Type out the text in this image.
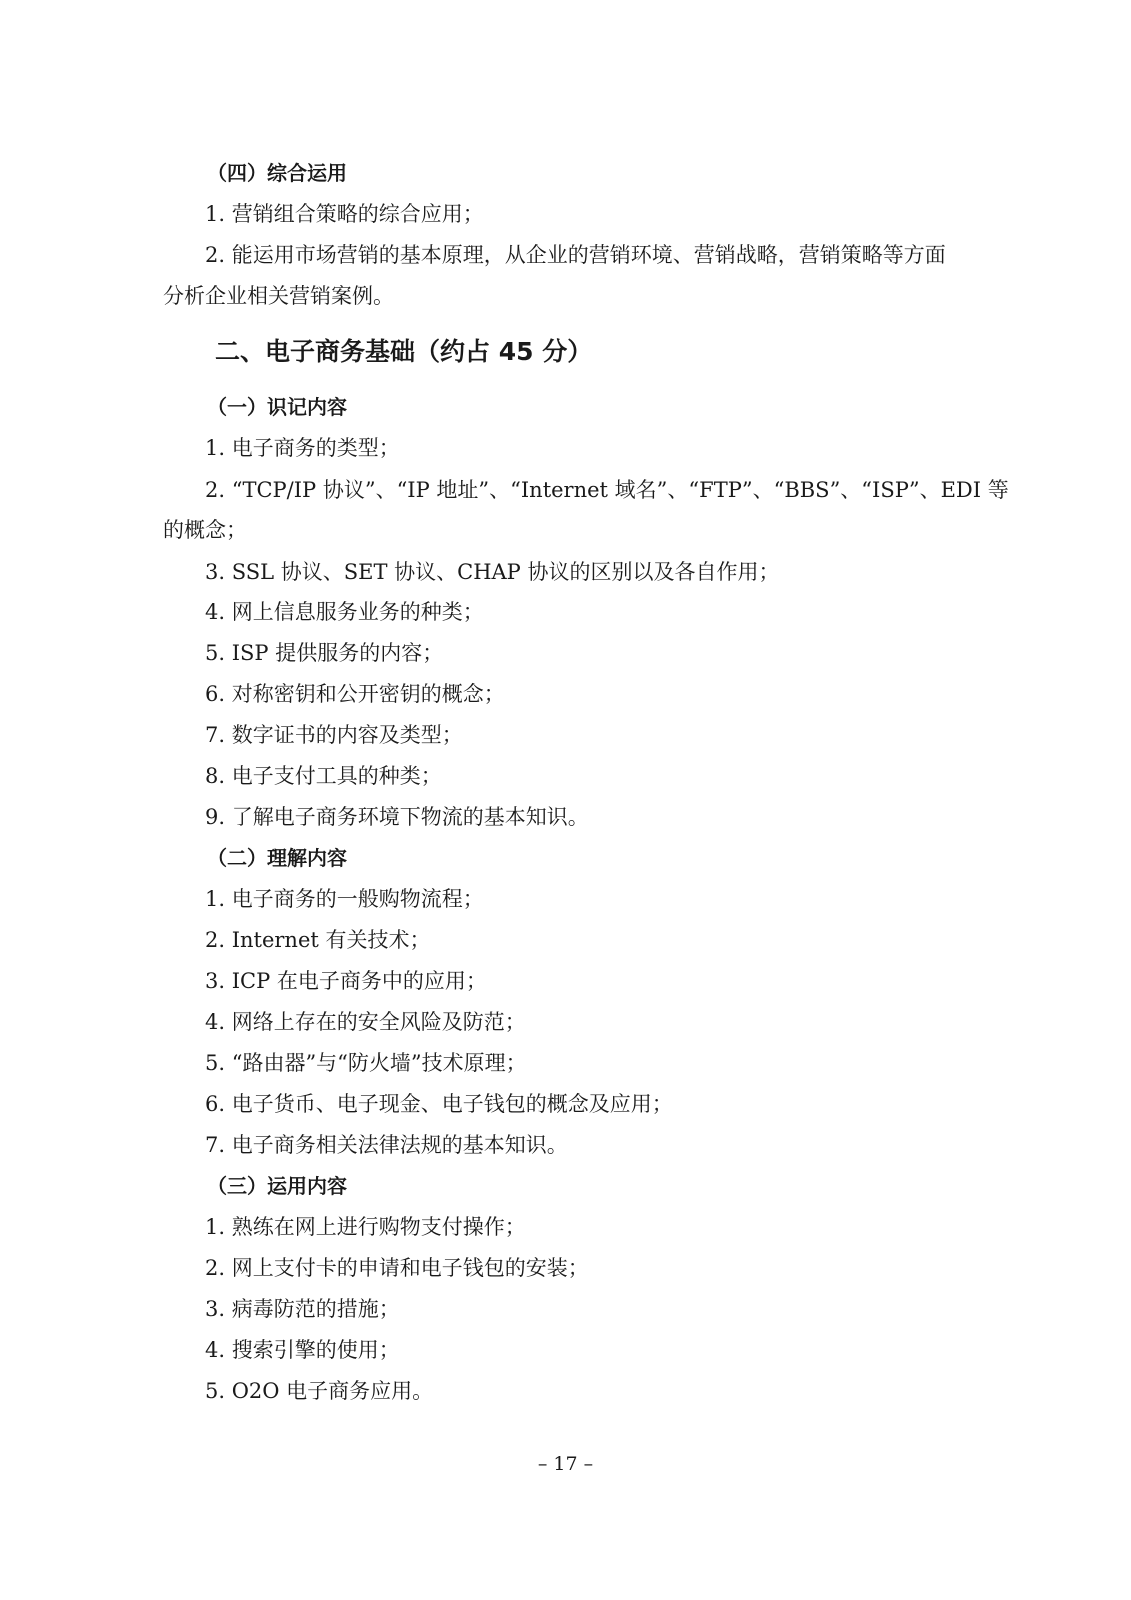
（四）综合运用
1. 营销组合策略的综合应用；
2. 能运用市场营销的基本原理，从企业的营销环境、营销战略，营销策略等方面
分析企业相关营销案例。
二、电子商务基础（约占 45 分）
（一）识记内容
1. 电子商务的类型；
2. “TCP/IP 协议”、“IP 地址”、“Internet 域名”、“FTP”、“BBS”、“ISP”、EDI 等
的概念；
3. SSL 协议、SET 协议、CHAP 协议的区别以及各自作用；
4. 网上信息服务业务的种类；
5. ISP 提供服务的内容；
6. 对称密钥和公开密钥的概念；
7. 数字证书的内容及类型；
8. 电子支付工具的种类；
9. 了解电子商务环境下物流的基本知识。
（二）理解内容
1. 电子商务的一般购物流程；
2. Internet 有关技术；
3. ICP 在电子商务中的应用；
4. 网络上存在的安全风险及防范；
5. “路由器”与“防火墙”技术原理；
6. 电子货币、电子现金、电子钱包的概念及应用；
7. 电子商务相关法律法规的基本知识。
（三）运用内容
1. 熟练在网上进行购物支付操作；
2. 网上支付卡的申请和电子钱包的安装；
3. 病毒防范的措施；
4. 搜索引擎的使用；
5. O2O 电子商务应用。
– 17 –
